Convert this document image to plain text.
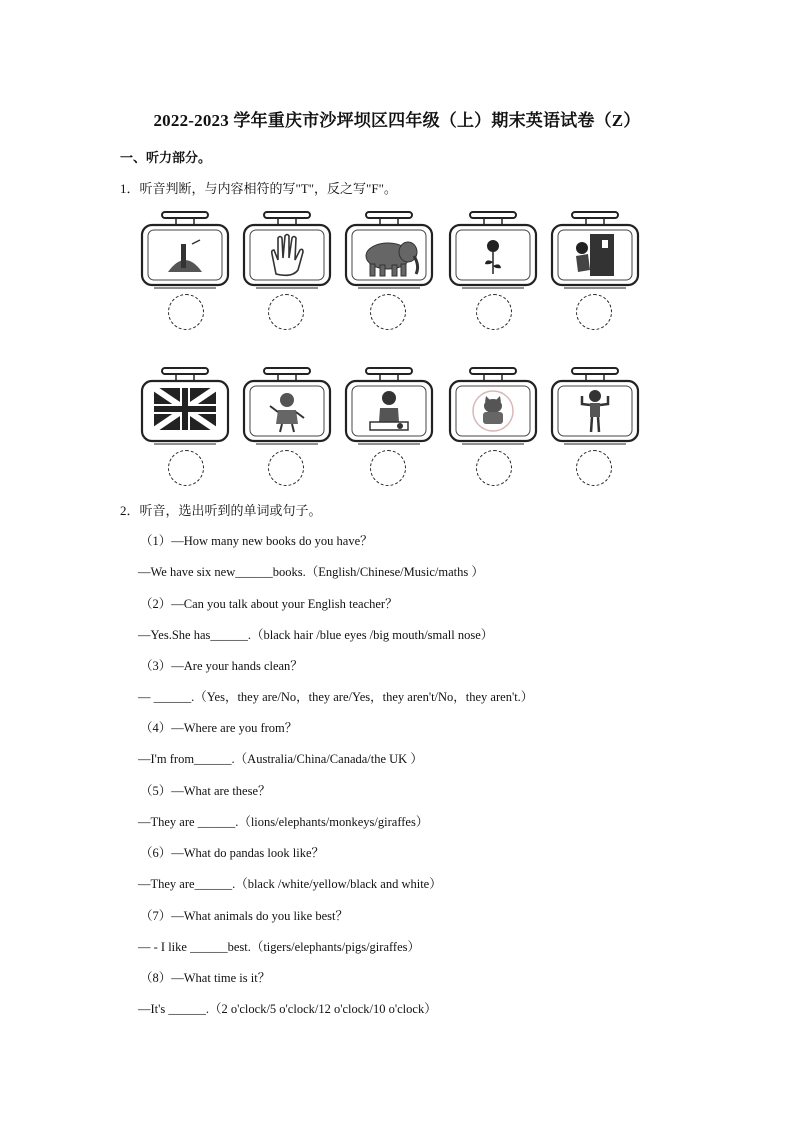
2022-2023 学年重庆市沙坪坝区四年级（上）期末英语试卷（Z）
一、听力部分。
1．听音判断，与内容相符的写"T"，反之写"F"。
2．听音，选出听到的单词或句子。
（1）—How many new books do you have？
—We have six new______books.（English/Chinese/Music/maths ）
（2）—Can you talk about your English teacher？
—Yes.She has______.（black hair /blue eyes /big mouth/small nose）
（3）—Are your hands clean？
— ______.（Yes，they are/No，they are/Yes，they aren't/No，they aren't.）
（4）—Where are you from？
—I'm from______.（Australia/China/Canada/the UK ）
（5）—What are these？
—They are ______.（lions/elephants/monkeys/giraffes）
（6）—What do pandas look like？
—They are______.（black /white/yellow/black and white）
（7）—What animals do you like best？
— - I like ______best.（tigers/elephants/pigs/giraffes）
（8）—What time is it？
—It's ______.（2 o'clock/5 o'clock/12 o'clock/10 o'clock）
